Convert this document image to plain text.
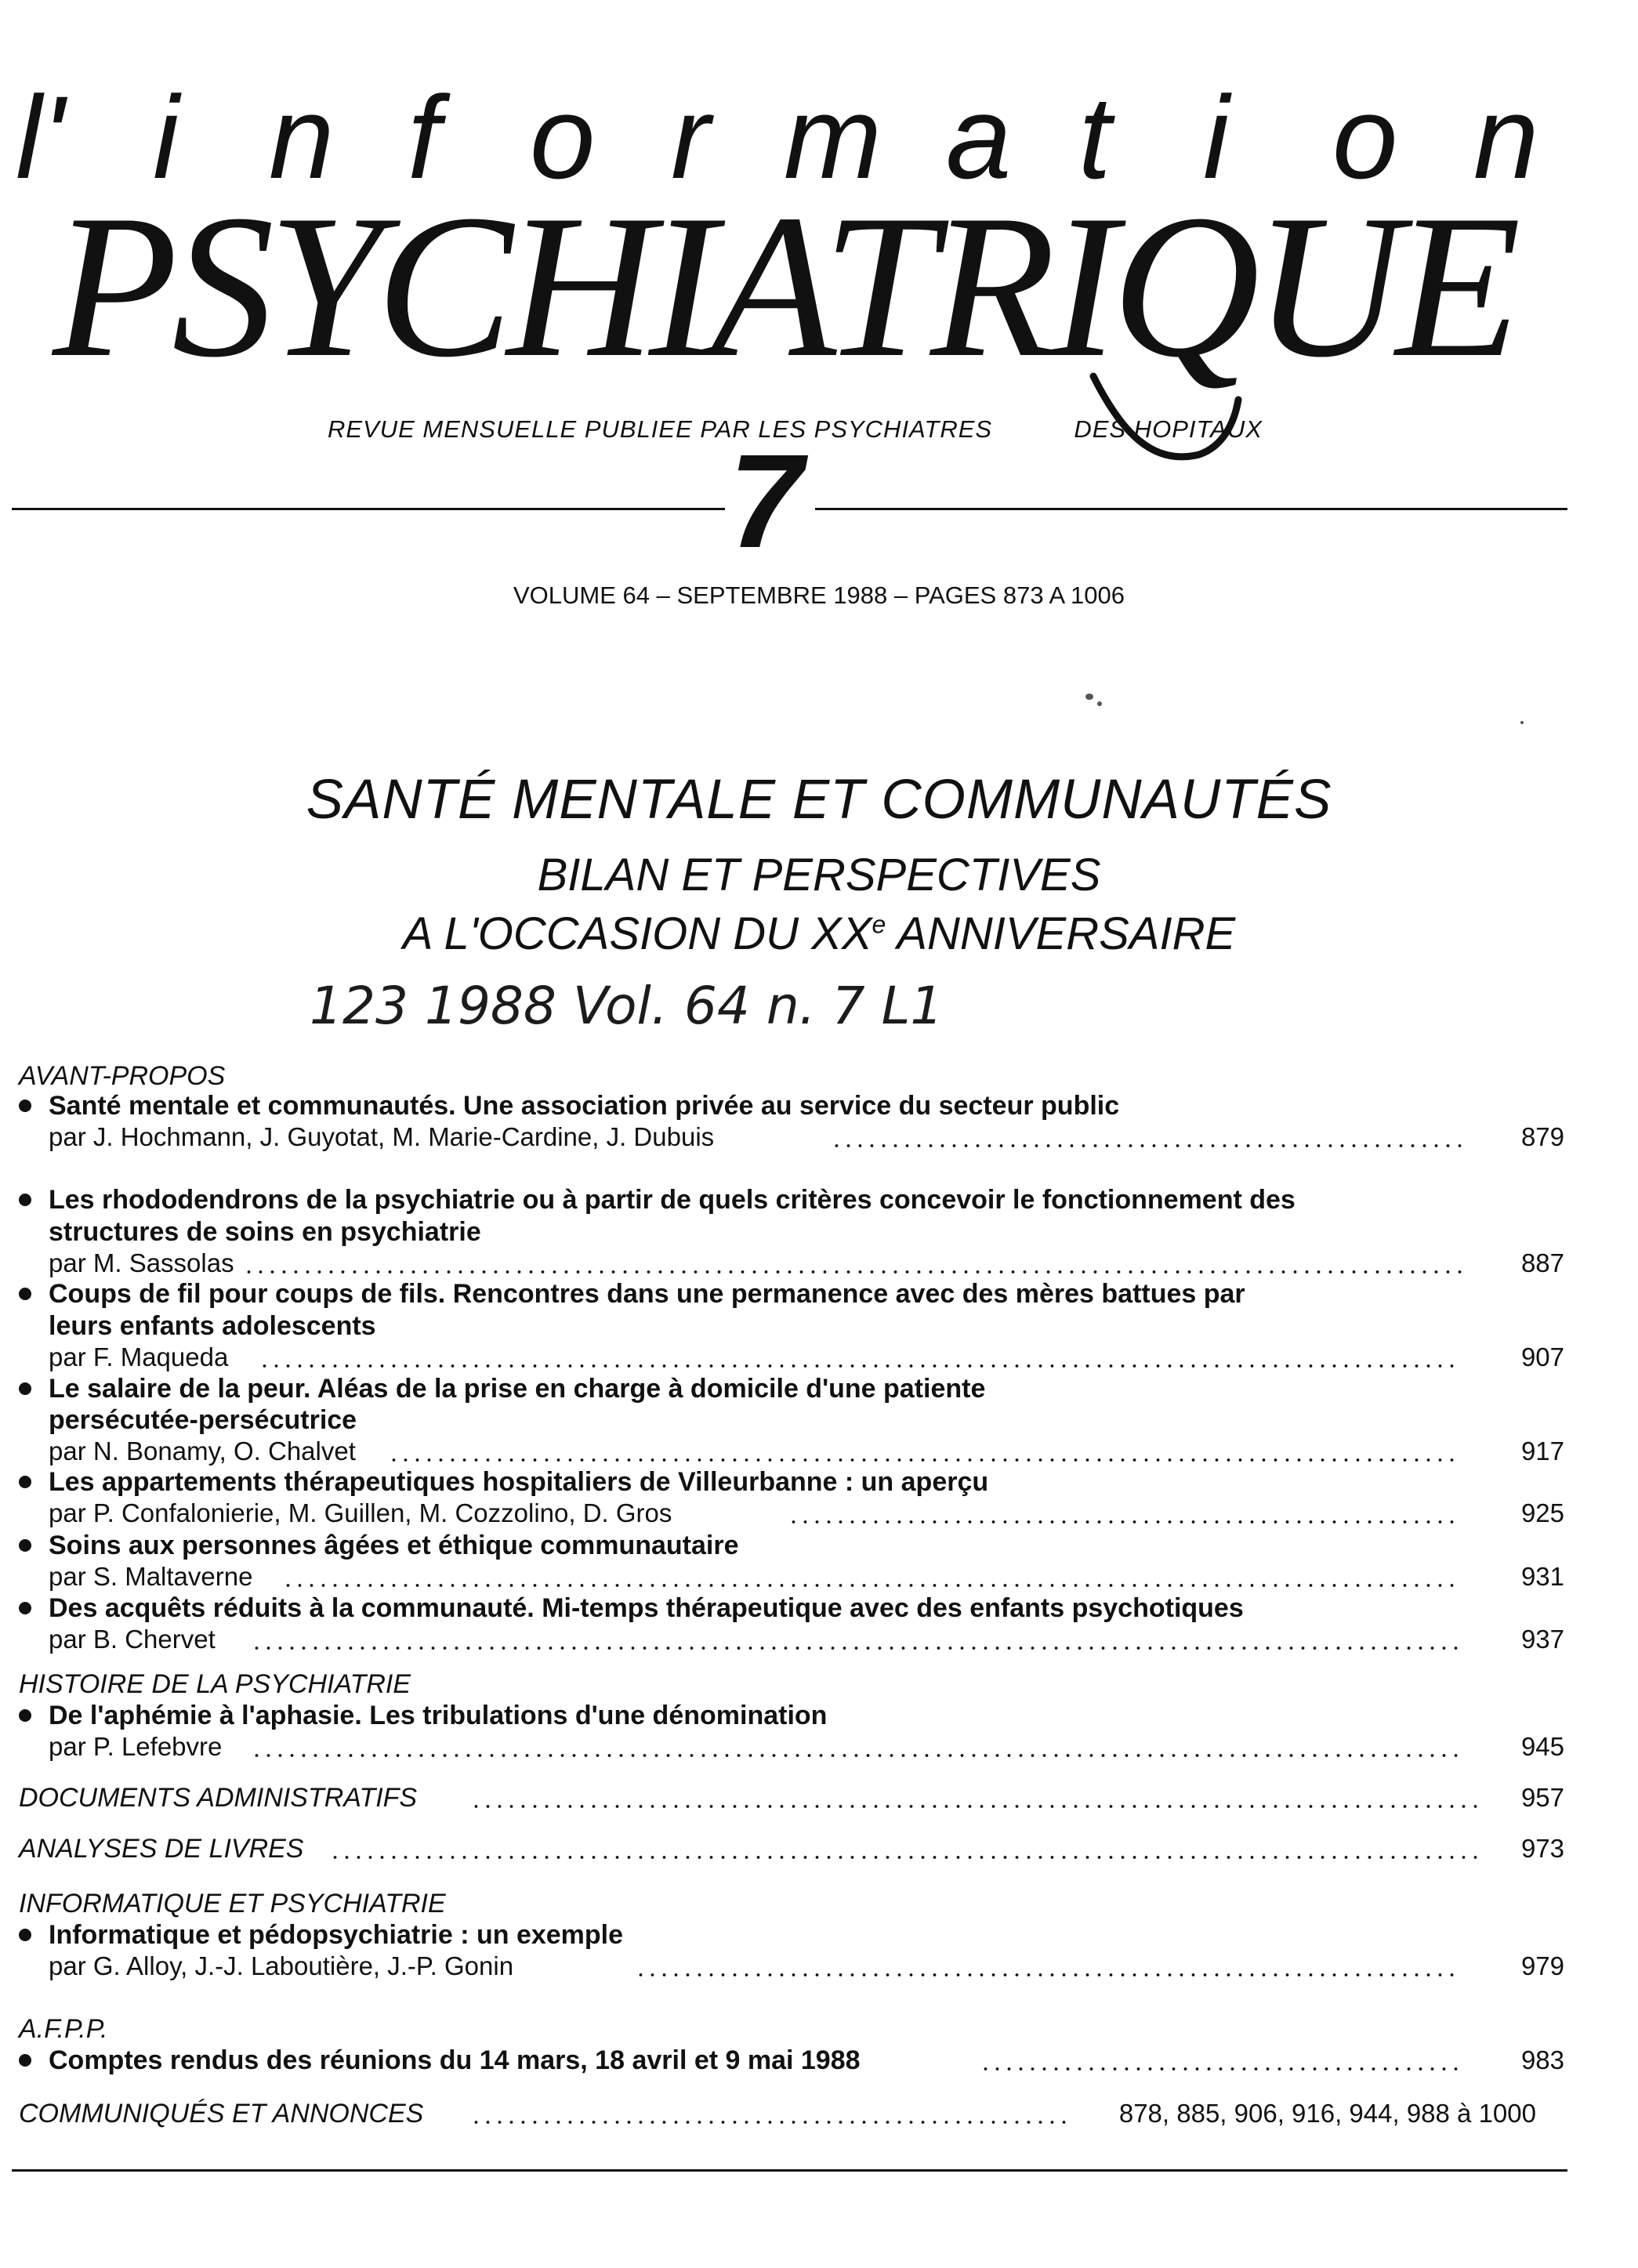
l' i n f o r m a t i o n
PSYCHIATRIQUE
REVUE MENSUELLE PUBLIEE PAR LES PSYCHIATRES	DES HOPITAUX
7
VOLUME 64 – SEPTEMBRE 1988 – PAGES 873 A 1006
SANTÉ MENTALE ET COMMUNAUTÉS
BILAN ET PERSPECTIVES
A L'OCCASION DU XXe ANNIVERSAIRE
123 1988 Vol. 64 n. 7 L1
AVANT-PROPOS
Santé mentale et communautés. Une association privée au service du secteur public
par J. Hochmann, J. Guyotat, M. Marie-Cardine, J. Dubuis	879
Les rhododendrons de la psychiatrie ou à partir de quels critères concevoir le fonctionnement des
structures de soins en psychiatrie
par M. Sassolas	887
Coups de fil pour coups de fils. Rencontres dans une permanence avec des mères battues par
leurs enfants adolescents
par F. Maqueda	907
Le salaire de la peur. Aléas de la prise en charge à domicile d'une patiente
persécutée-persécutrice
par N. Bonamy, O. Chalvet	917
Les appartements thérapeutiques hospitaliers de Villeurbanne : un aperçu
par P. Confalonierie, M. Guillen, M. Cozzolino, D. Gros	925
Soins aux personnes âgées et éthique communautaire
par S. Maltaverne	931
Des acquêts réduits à la communauté. Mi-temps thérapeutique avec des enfants psychotiques
par B. Chervet	937
HISTOIRE DE LA PSYCHIATRIE
De l'aphémie à l'aphasie. Les tribulations d'une dénomination
par P. Lefebvre	945
DOCUMENTS ADMINISTRATIFS	957
ANALYSES DE LIVRES	973
INFORMATIQUE ET PSYCHIATRIE
Informatique et pédopsychiatrie : un exemple
par G. Alloy, J.-J. Laboutière, J.-P. Gonin	979
A.F.P.P.
Comptes rendus des réunions du 14 mars, 18 avril et 9 mai 1988	983
COMMUNIQUÉS ET ANNONCES	878, 885, 906, 916, 944, 988 à 1000
